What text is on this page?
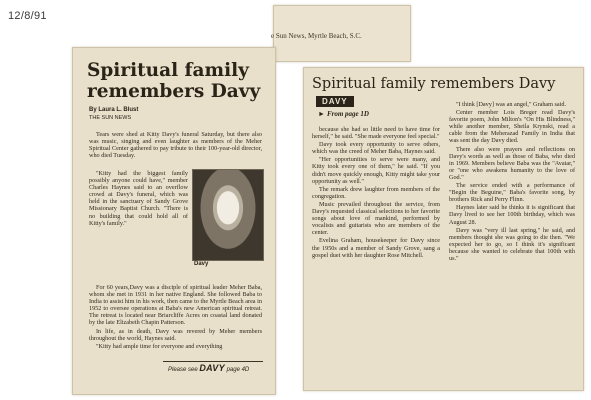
12/8/91
e Sun News, Myrtle Beach, S.C.
Spiritual family remembers Davy
By Laura L. Blust
THE SUN NEWS

Tears were shed at Kitty Davy's funeral Saturday, but there also was music, singing and even laughter as members of the Meher Spiritual Center gathered to pay tribute to their 100-year-old director, who died Tuesday.

"Kitty had the biggest family possibly anyone could have," member Charles Haynes said to an overflow crowd at Davy's funeral, which was held in the sanctuary of Sandy Grove Missionary Baptist Church. "There is no building that could hold all of Kitty's family."

Davy

For 60 years,Davy was a disciple of spiritual leader Meher Baba, whom she met in 1931 in her native England. She followed Baba to India to assist him in his work, then came to the Myrtle Beach area in 1952 to oversee operations at Baba's new American spiritual retreat. The retreat is located near Briarcliffe Acres on coastal land donated by the late Elizabeth Chapin Patterson.

In life, as in death, Davy was revered by Meher members throughout the world, Haynes said.

"Kitty had ample time for everyone and everything

Please see DAVY page 4D
Spiritual family remembers Davy
DAVY
► From page 1D

because she had so little need to have time for herself," he said. "She made everyone feel special."

Davy took every opportunity to serve others, which was the creed of Meher Baba, Haynes said.

"Her opportunities to serve were many, and Kitty took every one of them," he said. "If you didn't move quickly enough, Kitty might take your opportunity as well."

The remark drew laughter from members of the congregation.

Music prevailed throughout the service, from Davy's requested classical selections to her favorite songs about love of mankind, performed by vocalists and guitarists who are members of the center.

Evelina Graham, housekeeper for Davy since the 1950s and a member of Sandy Grove, sang a gospel duet with her daughter Rose Mitchell.

"I think [Davy] was an angel," Graham said.

Center member Lois Breger read Davy's favorite poem, John Milton's "On His Blindness," while another member, Sheila Krynski, read a cable from the Meherazad Family in India that was sent the day Davy died.

There also were prayers and reflections on Davy's words as well as those of Baba, who died in 1969. Members believe Baba was the "Avatar," or "one who awakens humanity to the love of God."

The service ended with a performance of "Begin the Beguine," Baba's favorite song, by brothers Rick and Perry Flinn.

Haynes later said he thinks it is significant that Davy lived to see her 100th birthday, which was August 28.

Davy was "very ill last spring," he said, and members thought she was going to die then. "We expected her to go, so I think it's significant because she wanted to celebrate that 100th with us."
